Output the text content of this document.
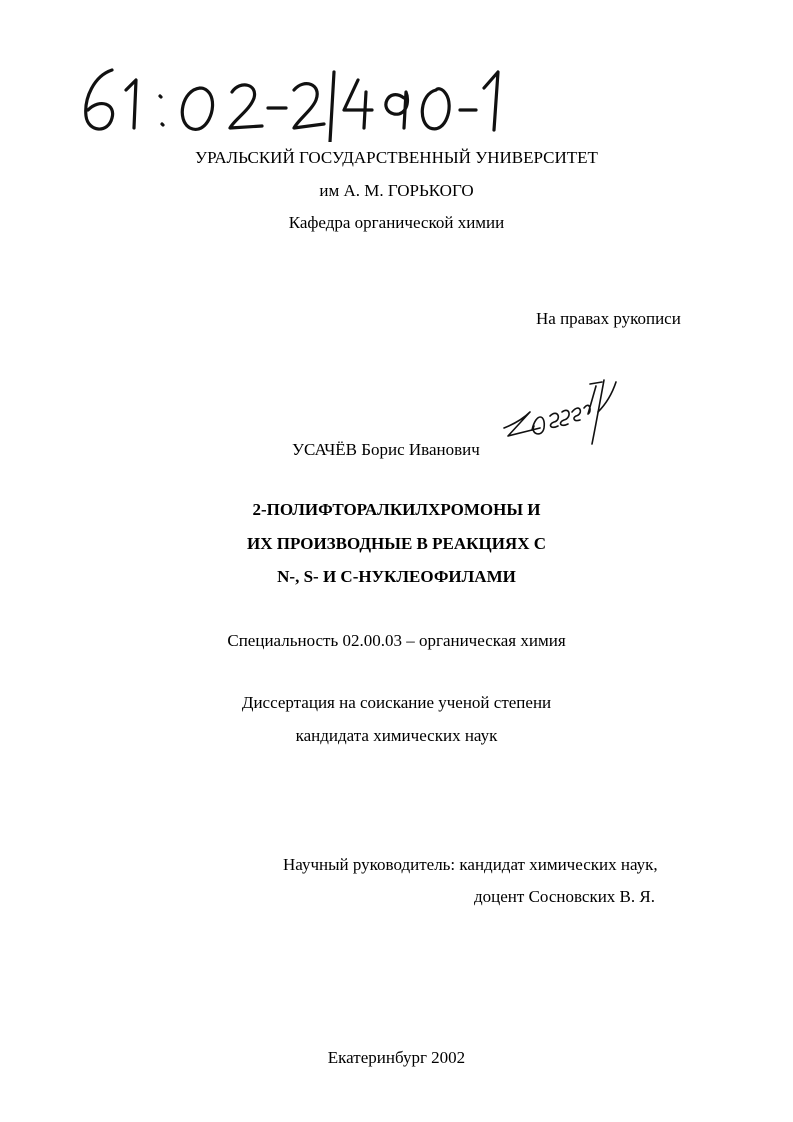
УРАЛЬСКИЙ ГОСУДАРСТВЕННЫЙ УНИВЕРСИТЕТ
им А. М. ГОРЬКОГО
Кафедра органической химии
На правах рукописи
УСАЧЁВ Борис Иванович
2-ПОЛИФТОРАЛКИЛХРОМОНЫ И
ИХ ПРОИЗВОДНЫЕ В РЕАКЦИЯХ С
N-, S- И С-НУКЛЕОФИЛАМИ
Специальность 02.00.03 – органическая химия
Диссертация на соискание ученой степени
кандидата химических наук
Научный руководитель: кандидат химических наук,
доцент Сосновских В. Я.
Екатеринбург 2002
